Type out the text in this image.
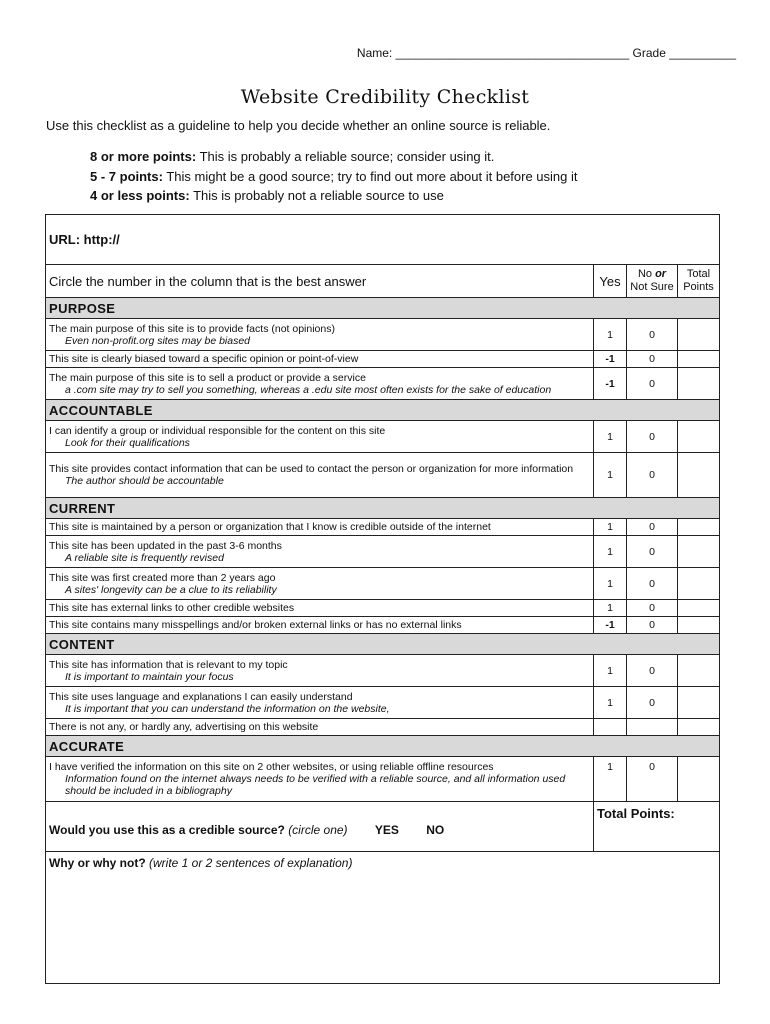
Name: ___________________________________ Grade __________
Website Credibility Checklist
Use this checklist as a guideline to help you decide whether an online source is reliable.
8 or more points: This is probably a reliable source; consider using it.
5 - 7 points: This might be a good source; try to find out more about it before using it
4 or less points: This is probably not a reliable source to use
URL: http://			
Circle the number in the column that is the best answer	Yes	No or
Not Sure	Total
Points
PURPOSE			
The main purpose of this site is to provide facts (not opinions)
Even non-profit.org sites may be biased	1	0	
This site is clearly biased toward a specific opinion or point-of-view	-1	0	
The main purpose of this site is to sell a product or provide a service
a .com site may try to sell you something, whereas a .edu site most often exists for the sake of education	-1	0	
ACCOUNTABLE			
I can identify a group or individual responsible for the content on this site
Look for their qualifications	1	0	
This site provides contact information that can be used to contact the person or organization for more information
The author should be accountable	1	0	
CURRENT			
This site is maintained by a person or organization that I know is credible outside of the internet	1	0	
This site has been updated in the past 3-6 months
A reliable site is frequently revised	1	0	
This site was first created more than 2 years ago
A sites' longevity can be a clue to its reliability	1	0	
This site has external links to other credible websites	1	0	
This site contains many misspellings and/or broken external links or has no external links	-1	0	
CONTENT			
This site has information that is relevant to my topic
It is important to maintain your focus	1	0	
This site uses language and explanations I can easily understand
It is important that you can understand the information on the website,	1	0	
There is not any, or hardly any, advertising on this website			
ACCURATE			
I have verified the information on this site on 2 other websites, or using reliable offline resources
Information found on the internet always needs to be verified with a reliable source, and all information used should be included in a bibliography	1	0	
Would you use this as a credible source? (circle one) YES NO	Total Points:		
Why or why not? (write 1 or 2 sentences of explanation)			
